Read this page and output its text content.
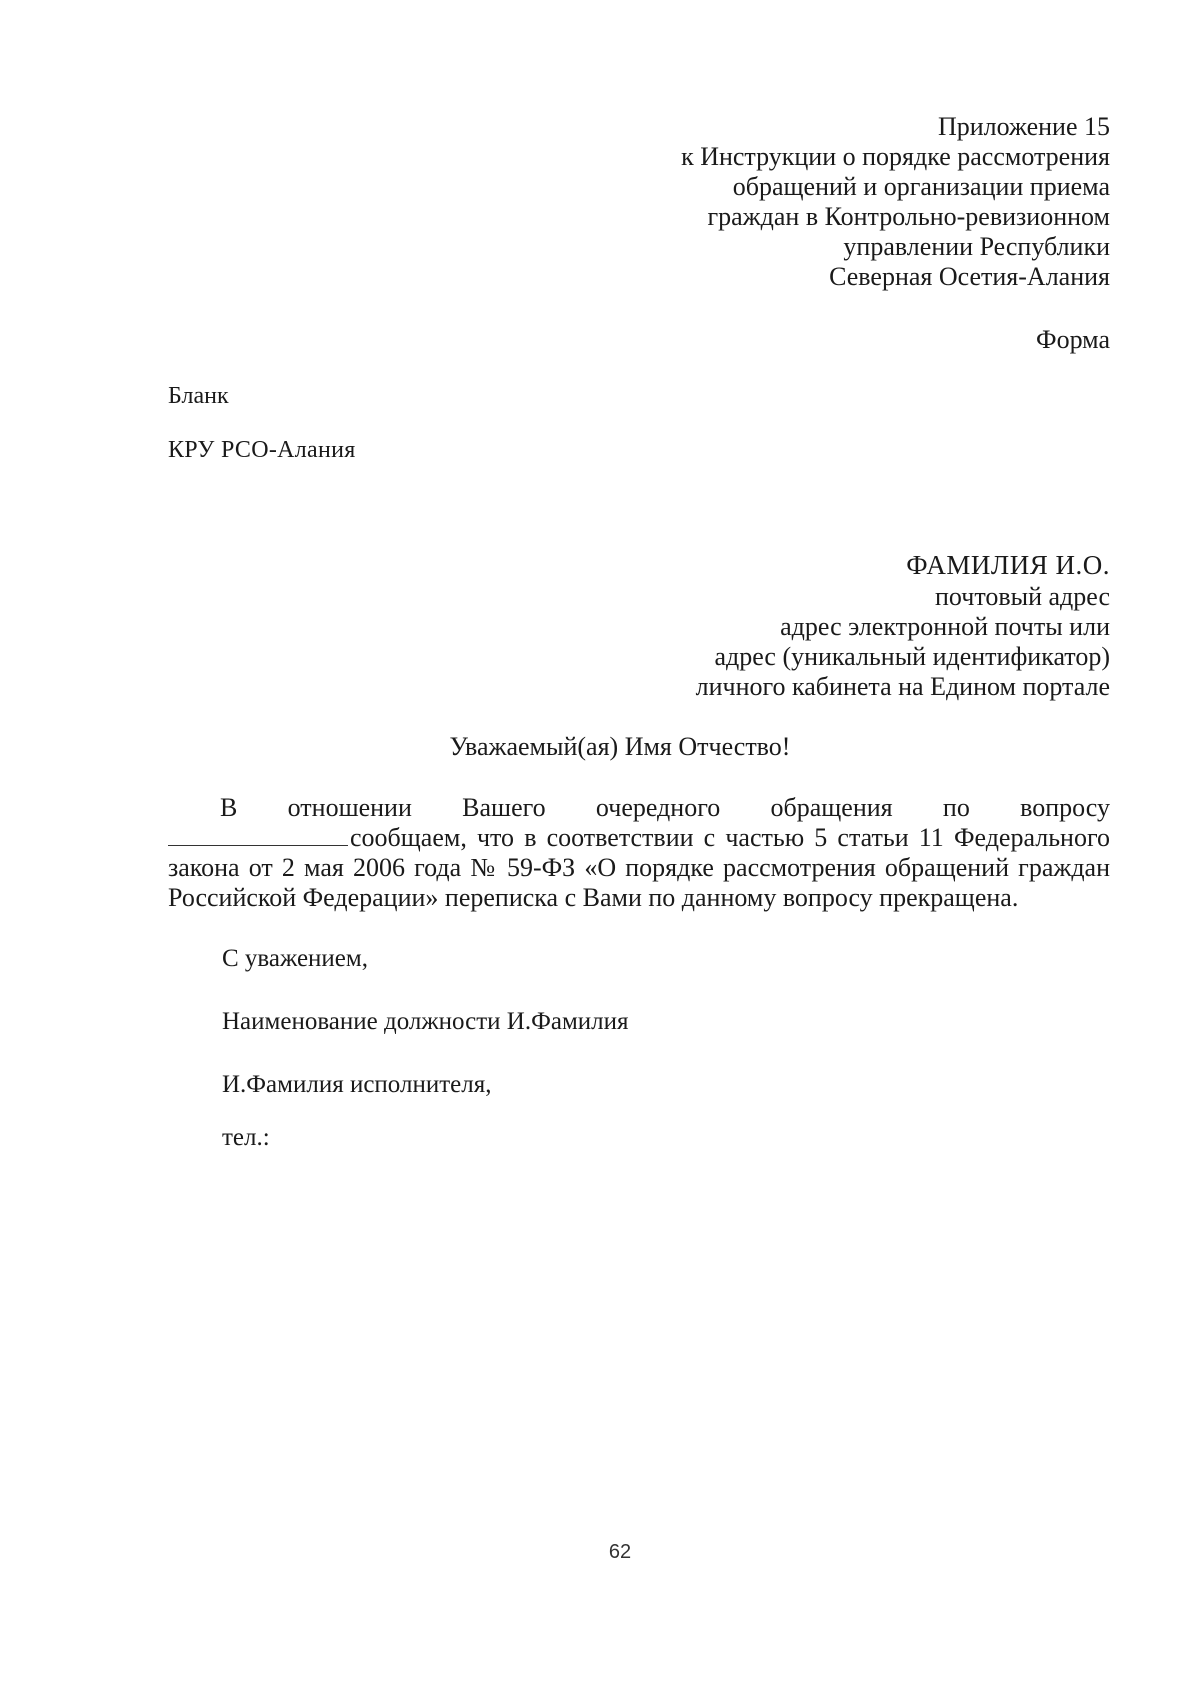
Приложение 15
к Инструкции о порядке рассмотрения
обращений и организации приема
граждан в Контрольно-ревизионном
управлении Республики
Северная Осетия-Алания
Форма
Бланк
КРУ РСО-Алания
ФАМИЛИЯ И.О.
почтовый адрес
адрес электронной почты или
адрес (уникальный идентификатор)
личного кабинета на Едином портале
Уважаемый(ая) Имя Отчество!
В отношении Вашего очередного обращения по вопросу
сообщаем, что в соответствии с частью 5 статьи 11 Федерального
закона от 2 мая 2006 года № 59-ФЗ «О порядке рассмотрения обращений граждан
Российской Федерации» переписка с Вами по данному вопросу прекращена.
С уважением,
Наименование должности И.Фамилия
И.Фамилия исполнителя,
тел.:
62
